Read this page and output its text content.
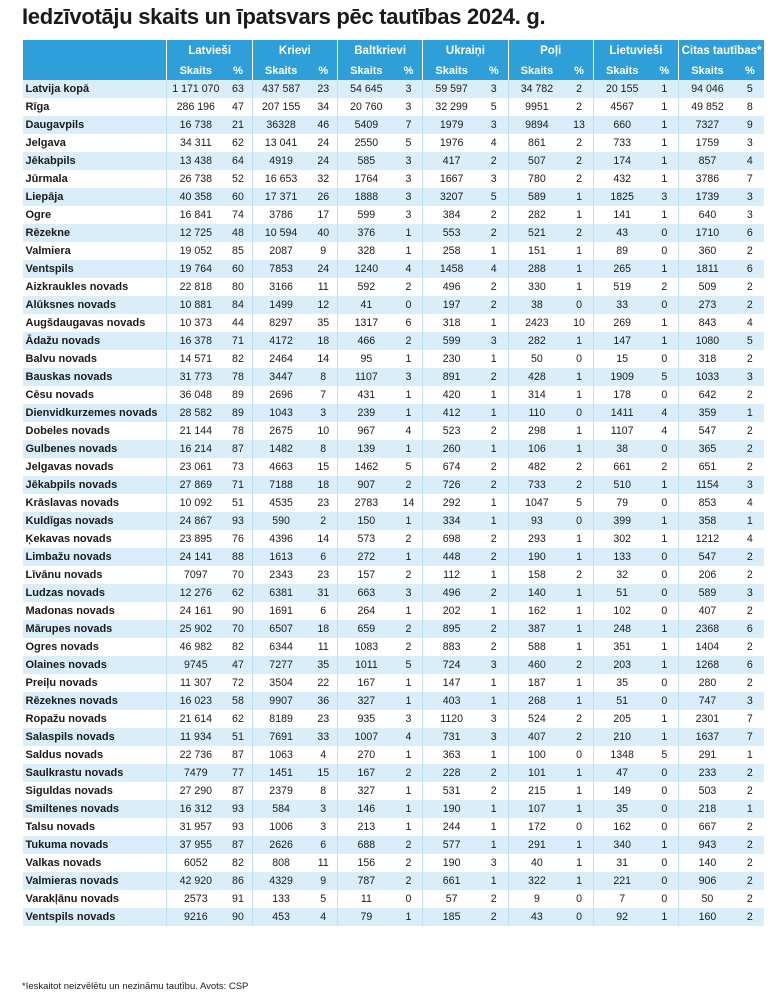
Iedzīvotāju skaits un īpatsvars pēc tautības 2024. g.
	Latvieši		Krievi		Baltkrievi		Ukraiņi		Poļi		Lietuvieši		Citas tautības*	
	Skaits	%	Skaits	%	Skaits	%	Skaits	%	Skaits	%	Skaits	%	Skaits	%
Latvija kopā	1 171 070	63	437 587	23	54 645	3	59 597	3	34 782	2	20 155	1	94 046	5
Rīga	286 196	47	207 155	34	20 760	3	32 299	5	9951	2	4567	1	49 852	8
Daugavpils	16 738	21	36328	46	5409	7	1979	3	9894	13	660	1	7327	9
Jelgava	34 311	62	13 041	24	2550	5	1976	4	861	2	733	1	1759	3
Jēkabpils	13 438	64	4919	24	585	3	417	2	507	2	174	1	857	4
Jūrmala	26 738	52	16 653	32	1764	3	1667	3	780	2	432	1	3786	7
Liepāja	40 358	60	17 371	26	1888	3	3207	5	589	1	1825	3	1739	3
Ogre	16 841	74	3786	17	599	3	384	2	282	1	141	1	640	3
Rēzekne	12 725	48	10 594	40	376	1	553	2	521	2	43	0	1710	6
Valmiera	19 052	85	2087	9	328	1	258	1	151	1	89	0	360	2
Ventspils	19 764	60	7853	24	1240	4	1458	4	288	1	265	1	1811	6
Aizkraukles novads	22 818	80	3166	11	592	2	496	2	330	1	519	2	509	2
Alūksnes novads	10 881	84	1499	12	41	0	197	2	38	0	33	0	273	2
Augšdaugavas novads	10 373	44	8297	35	1317	6	318	1	2423	10	269	1	843	4
Ādažu novads	16 378	71	4172	18	466	2	599	3	282	1	147	1	1080	5
Balvu novads	14 571	82	2464	14	95	1	230	1	50	0	15	0	318	2
Bauskas novads	31 773	78	3447	8	1107	3	891	2	428	1	1909	5	1033	3
Cēsu novads	36 048	89	2696	7	431	1	420	1	314	1	178	0	642	2
Dienvidkurzemes novads	28 582	89	1043	3	239	1	412	1	110	0	1411	4	359	1
Dobeles novads	21 144	78	2675	10	967	4	523	2	298	1	1107	4	547	2
Gulbenes novads	16 214	87	1482	8	139	1	260	1	106	1	38	0	365	2
Jelgavas novads	23 061	73	4663	15	1462	5	674	2	482	2	661	2	651	2
Jēkabpils novads	27 869	71	7188	18	907	2	726	2	733	2	510	1	1154	3
Krāslavas novads	10 092	51	4535	23	2783	14	292	1	1047	5	79	0	853	4
Kuldīgas novads	24 867	93	590	2	150	1	334	1	93	0	399	1	358	1
Ķekavas novads	23 895	76	4396	14	573	2	698	2	293	1	302	1	1212	4
Limbažu novads	24 141	88	1613	6	272	1	448	2	190	1	133	0	547	2
Līvānu novads	7097	70	2343	23	157	2	112	1	158	2	32	0	206	2
Ludzas novads	12 276	62	6381	31	663	3	496	2	140	1	51	0	589	3
Madonas novads	24 161	90	1691	6	264	1	202	1	162	1	102	0	407	2
Mārupes novads	25 902	70	6507	18	659	2	895	2	387	1	248	1	2368	6
Ogres novads	46 982	82	6344	11	1083	2	883	2	588	1	351	1	1404	2
Olaines novads	9745	47	7277	35	1011	5	724	3	460	2	203	1	1268	6
Preiļu novads	11 307	72	3504	22	167	1	147	1	187	1	35	0	280	2
Rēzeknes novads	16 023	58	9907	36	327	1	403	1	268	1	51	0	747	3
Ropažu novads	21 614	62	8189	23	935	3	1120	3	524	2	205	1	2301	7
Salaspils novads	11 934	51	7691	33	1007	4	731	3	407	2	210	1	1637	7
Saldus novads	22 736	87	1063	4	270	1	363	1	100	0	1348	5	291	1
Saulkrastu novads	7479	77	1451	15	167	2	228	2	101	1	47	0	233	2
Siguldas novads	27 290	87	2379	8	327	1	531	2	215	1	149	0	503	2
Smiltenes novads	16 312	93	584	3	146	1	190	1	107	1	35	0	218	1
Talsu novads	31 957	93	1006	3	213	1	244	1	172	0	162	0	667	2
Tukuma novads	37 955	87	2626	6	688	2	577	1	291	1	340	1	943	2
Valkas novads	6052	82	808	11	156	2	190	3	40	1	31	0	140	2
Valmieras novads	42 920	86	4329	9	787	2	661	1	322	1	221	0	906	2
Varakļānu novads	2573	91	133	5	11	0	57	2	9	0	7	0	50	2
Ventspils novads	9216	90	453	4	79	1	185	2	43	0	92	1	160	2
*Ieskaitot neizvēlētu un nezināmu tautību. Avots: CSP
